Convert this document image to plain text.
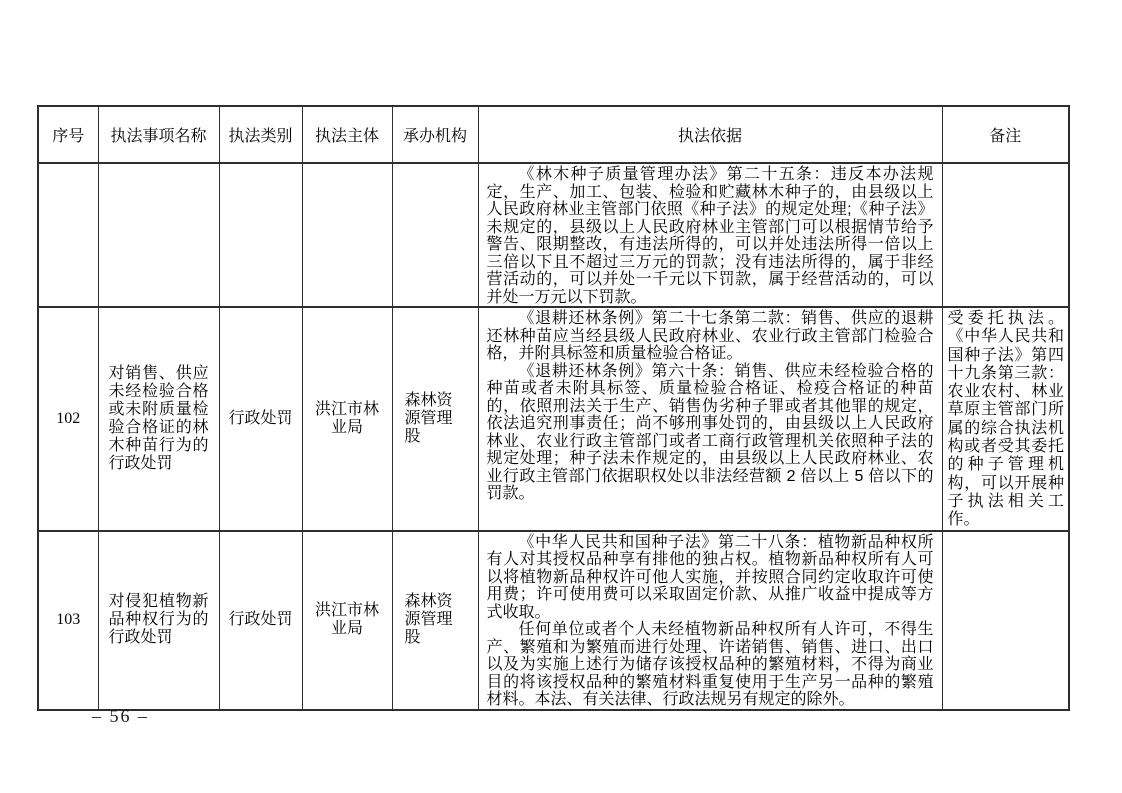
序号	执法事项名称	执法类别	执法主体	承办机构	执法依据	备注

					《林木种子质量管理办法》第二十五条：违反本办法规定，生产、加工、包装、检验和贮藏林木种子的，由县级以上人民政府林业主管部门依照《种子法》的规定处理;《种子法》未规定的，县级以上人民政府林业主管部门可以根据情节给予警告、限期整改，有违法所得的，可以并处违法所得一倍以上三倍以下且不超过三万元的罚款；没有违法所得的，属于非经营活动的，可以并处一千元以下罚款，属于经营活动的，可以并处一万元以下罚款。	

102	对销售、供应未经检验合格或未附质量检验合格证的林木种苗行为的行政处罚	行政处罚	洪江市林业局	森林资源管理股	《退耕还林条例》第二十七条第二款：销售、供应的退耕还林种苗应当经县级人民政府林业、农业行政主管部门检验合格，并附具标签和质量检验合格证。

《退耕还林条例》第六十条：销售、供应未经检验合格的种苗或者未附具标签、质量检验合格证、检疫合格证的种苗的，依照刑法关于生产、销售伪劣种子罪或者其他罪的规定，依法追究刑事责任；尚不够刑事处罚的，由县级以上人民政府林业、农业行政主管部门或者工商行政管理机关依照种子法的规定处理；种子法未作规定的，由县级以上人民政府林业、农业行政主管部门依据职权处以非法经营额 2 倍以上 5 倍以下的罚款。	受委托执法。《中华人民共和国种子法》第四十九条第三款：农业农村、林业草原主管部门所属的综合执法机构或者受其委托的种子管理机构，可以开展种子执法相关工作。

103	对侵犯植物新品种权行为的行政处罚	行政处罚	洪江市林业局	森林资源管理股	《中华人民共和国种子法》第二十八条：植物新品种权所有人对其授权品种享有排他的独占权。植物新品种权所有人可以将植物新品种权许可他人实施，并按照合同约定收取许可使用费；许可使用费可以采取固定价款、从推广收益中提成等方式收取。

任何单位或者个人未经植物新品种权所有人许可，不得生产、繁殖和为繁殖而进行处理、许诺销售、销售、进口、出口以及为实施上述行为储存该授权品种的繁殖材料，不得为商业目的将该授权品种的繁殖材料重复使用于生产另一品种的繁殖材料。本法、有关法律、行政法规另有规定的除外。	

– 56 –
